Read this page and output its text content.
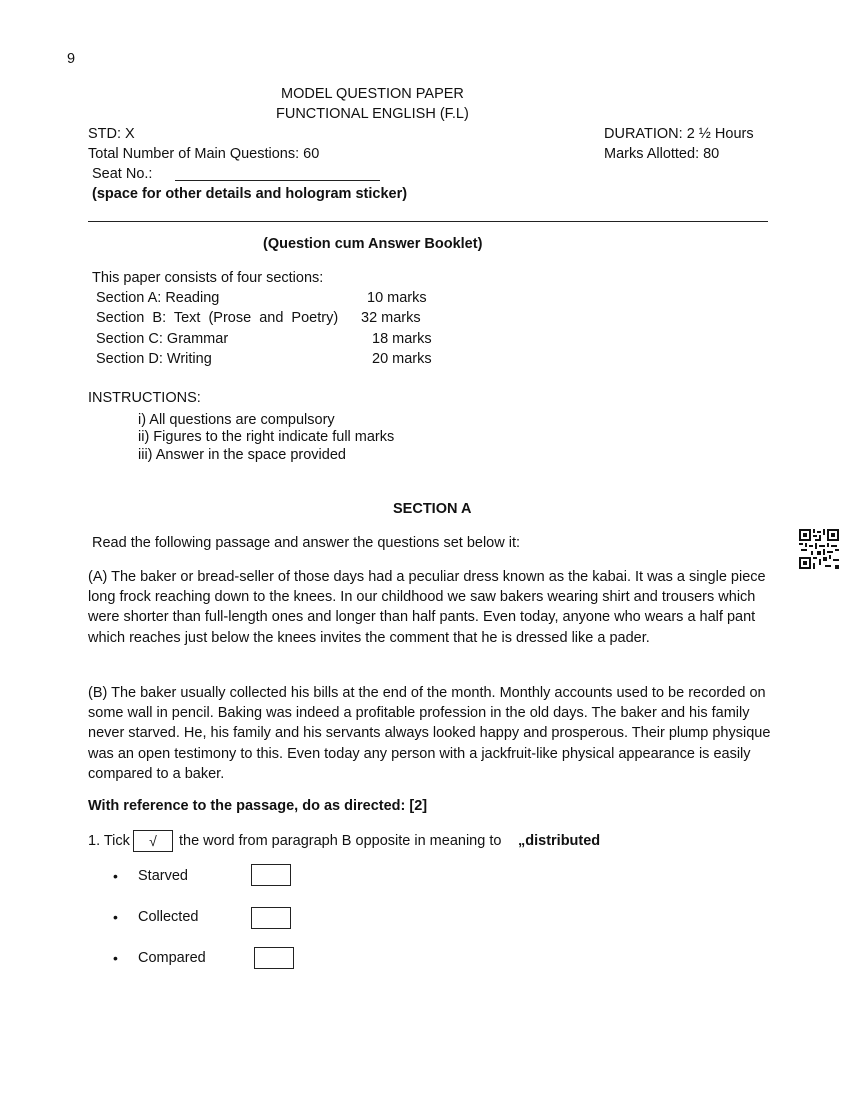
9
MODEL QUESTION PAPER
FUNCTIONAL ENGLISH (F.L)
STD: X	DURATION: 2 ½ Hours
Total Number of Main Questions: 60	Marks Allotted: 80
Seat No.:
(space for other details and hologram sticker)
(Question cum Answer Booklet)
This paper consists of four sections:
Section A: Reading	10 marks
Section B: Text (Prose and Poetry) 32 marks
Section C: Grammar	18 marks
Section D: Writing	20 marks
INSTRUCTIONS:
i) All questions are compulsory
ii) Figures to the right indicate full marks
iii) Answer in the space provided
SECTION A
Read the following passage and answer the questions set below it:
(A) The baker or bread-seller of those days had a peculiar dress known as the kabai. It was a single piece long frock reaching down to the knees. In our childhood we saw bakers wearing shirt and trousers which were shorter than full-length ones and longer than half pants. Even today, anyone who wears a half pant which reaches just below the knees invites the comment that he is dressed like a pader.
(B) The baker usually collected his bills at the end of the month. Monthly accounts used to be recorded on some wall in pencil. Baking was indeed a profitable profession in the old days. The baker and his family never starved. He, his family and his servants always looked happy and prosperous. Their plump physique was an open testimony to this. Even today any person with a jackfruit-like physical appearance is easily compared to a baker.
With reference to the passage, do as directed: [2]
1. Tick	√	the word from paragraph B opposite in meaning to „distributed
• Starved
• Collected
• Compared
